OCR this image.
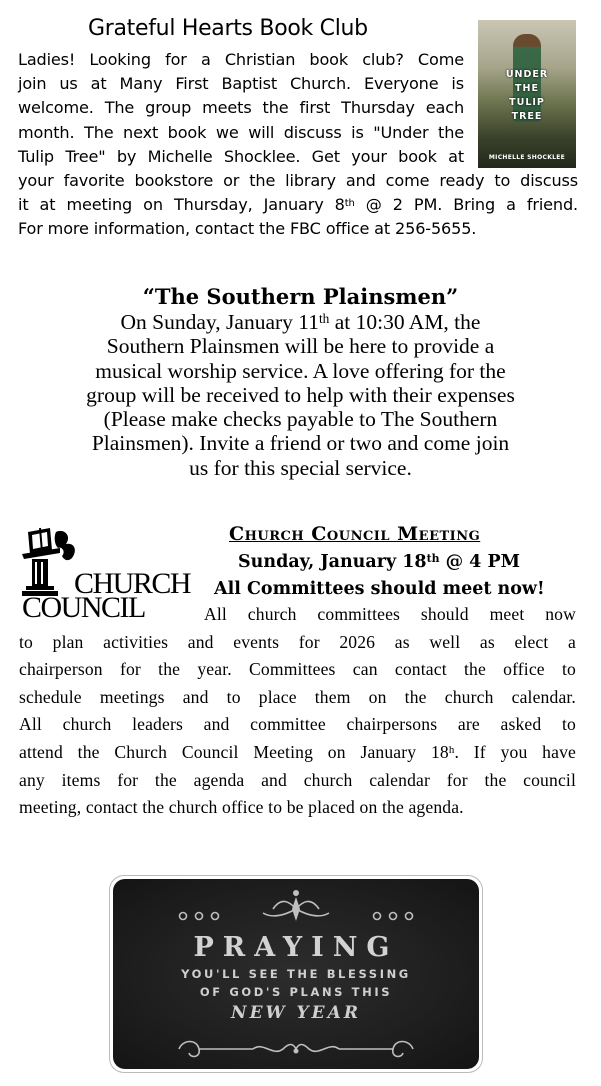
Grateful Hearts Book Club
Ladies! Looking for a Christian book club? Come
join us at Many First Baptist Church. Everyone is
welcome. The group meets the first Thursday each
month. The next book we will discuss is "Under the
Tulip Tree" by Michelle Shocklee. Get your book at
your favorite bookstore or the library and come ready to discuss
it at meeting on Thursday, January 8th @ 2 PM. Bring a friend.
For more information, contact the FBC office at 256-5655.
UNDER
THE
TULIP
TREE
MICHELLE SHOCKLEE
“The Southern Plainsmen”
On Sunday, January 11th at 10:30 AM, the
Southern Plainsmen will be here to provide a
musical worship service. A love offering for the
group will be received to help with their expenses
(Please make checks payable to The Southern
Plainsmen). Invite a friend or two and come join
us for this special service.
CHURCH
COUNCIL
Church Council Meeting
Sunday, January 18th @ 4 PM
All Committees should meet now!
All church committees should meet now
to plan activities and events for 2026 as well as elect a
chairperson for the year. Committees can contact the office to
schedule meetings and to place them on the church calendar.
All church leaders and committee chairpersons are asked to
attend the Church Council Meeting on January 18$^h$. If you have
any items for the agenda and church calendar for the council
meeting, contact the church office to be placed on the agenda.
PRAYING
YOU'LL SEE THE BLESSING
OF GOD'S PLANS THIS
NEW YEAR
